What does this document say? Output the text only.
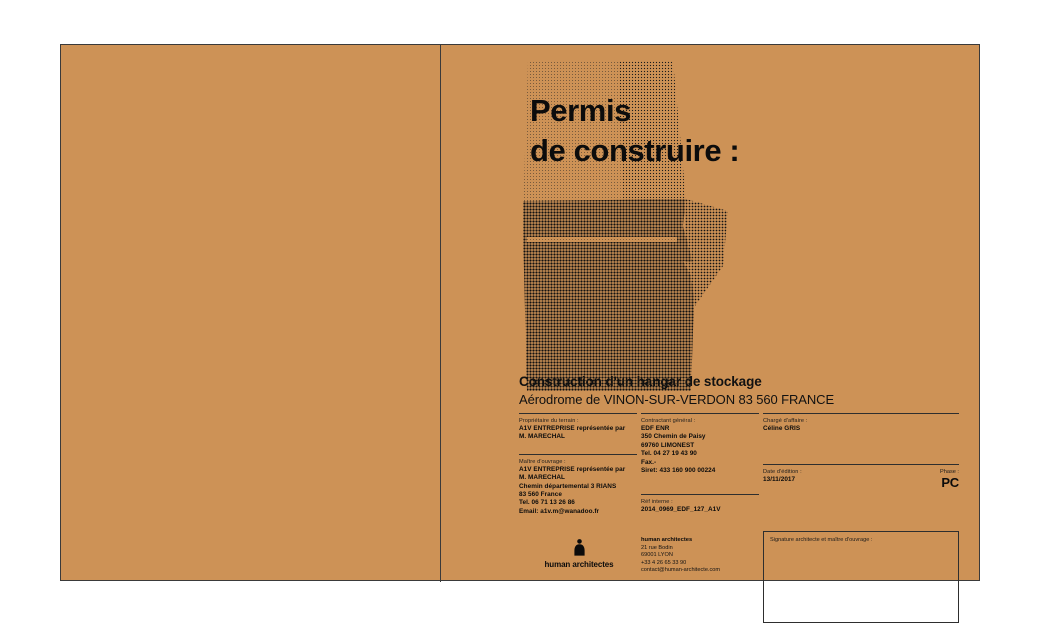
Permis
de construire :
Construction d'un hangar de stockage
Aérodrome de VINON-SUR-VERDON 83 560 FRANCE
Propriétaire du terrain :
A1V ENTREPRISE représentée par
M. MARECHAL
Maître d'ouvrage :
A1V ENTREPRISE représentée par
M. MARECHAL
Chemin départemental 3 RIANS
83 560 France
Tel. 06 71 13 26 86
Email: a1v.m@wanadoo.fr
Contractant général :
EDF ENR
350 Chemin de Paisy
69760 LIMONEST
Tel. 04 27 19 43 90
Fax.-
Siret: 433 160 900 00224
Réf interne :
2014_0969_EDF_127_A1V
Chargé d'affaire :
Céline GRIS
Date d'édition :
13/11/2017
Phase :
PC
Signature architecte et maître d'ouvrage :
human architectes
human architectes
21 rue Bodin
69001 LYON
+33 4 26 65 33 90
contact@human-architecte.com
